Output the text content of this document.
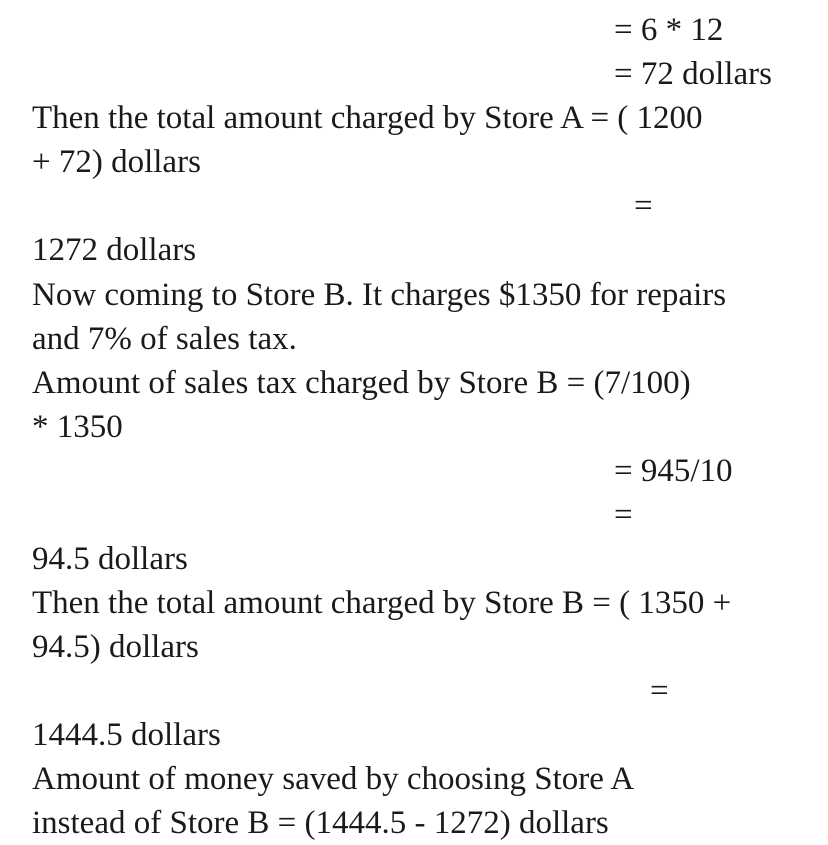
= 6 * 12

= 72 dollars

Then the total amount charged by Store A = ( 1200

+ 72) dollars

=

1272 dollars

Now coming to Store B. It charges $1350 for repairs

and 7% of sales tax.

Amount of sales tax charged by Store B = (7/100)

* 1350

= 945/10

=

94.5 dollars

Then the total amount charged by Store B = ( 1350 +

94.5) dollars

=

1444.5 dollars

Amount of money saved by choosing Store A

instead of Store B = (1444.5 - 1272) dollars
